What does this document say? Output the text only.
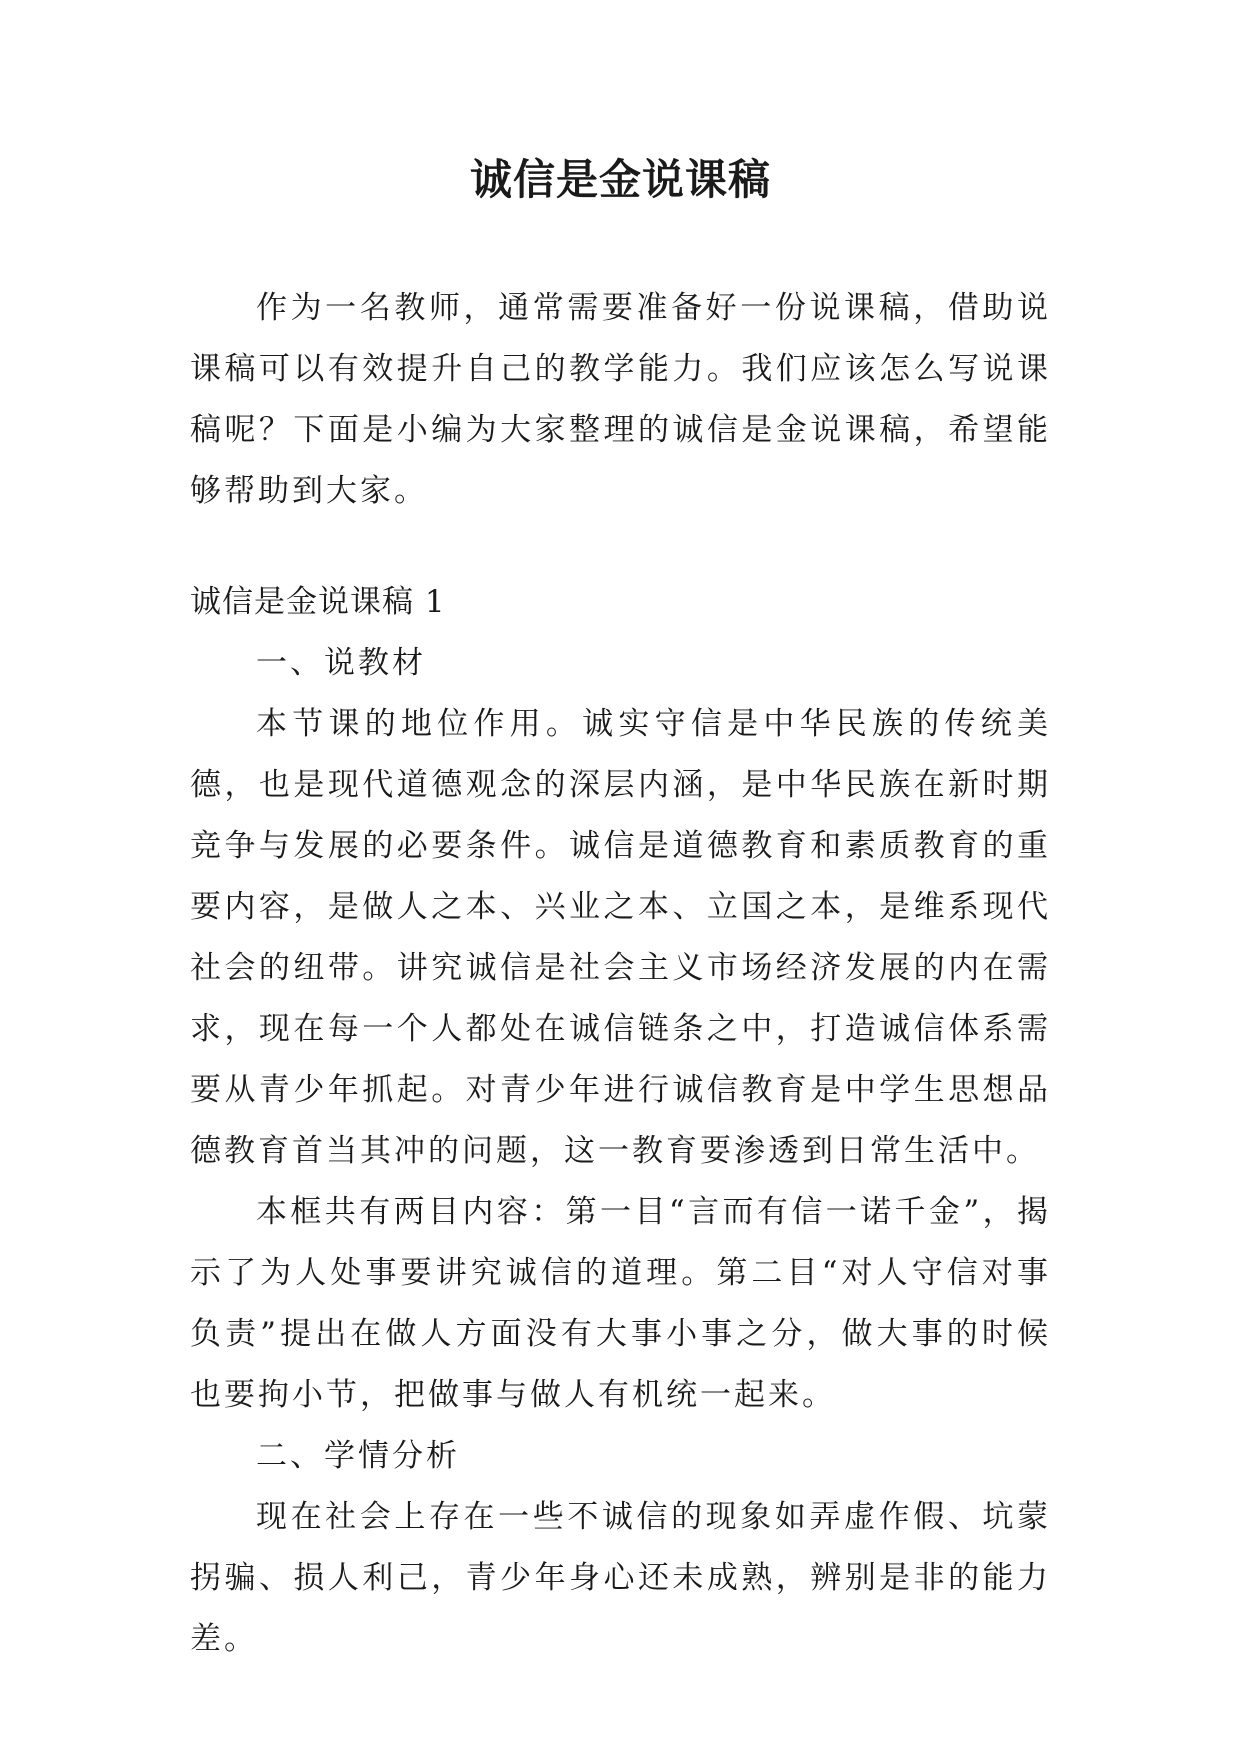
诚信是金说课稿

作为一名教师，通常需要准备好一份说课稿，借助说课稿可以有效提升自己的教学能力。我们应该怎么写说课稿呢？下面是小编为大家整理的诚信是金说课稿，希望能够帮助到大家。

诚信是金说课稿 1

一、说教材

本节课的地位作用。诚实守信是中华民族的传统美德，也是现代道德观念的深层内涵，是中华民族在新时期竞争与发展的必要条件。诚信是道德教育和素质教育的重要内容，是做人之本、兴业之本、立国之本，是维系现代社会的纽带。讲究诚信是社会主义市场经济发展的内在需求，现在每一个人都处在诚信链条之中，打造诚信体系需要从青少年抓起。对青少年进行诚信教育是中学生思想品德教育首当其冲的问题，这一教育要渗透到日常生活中。

本框共有两目内容：第一目“言而有信一诺千金”，揭示了为人处事要讲究诚信的道理。第二目“对人守信对事负责”提出在做人方面没有大事小事之分，做大事的时候也要拘小节，把做事与做人有机统一起来。

二、学情分析

现在社会上存在一些不诚信的现象如弄虚作假、坑蒙拐骗、损人利己，青少年身心还未成熟，辨别是非的能力差。
